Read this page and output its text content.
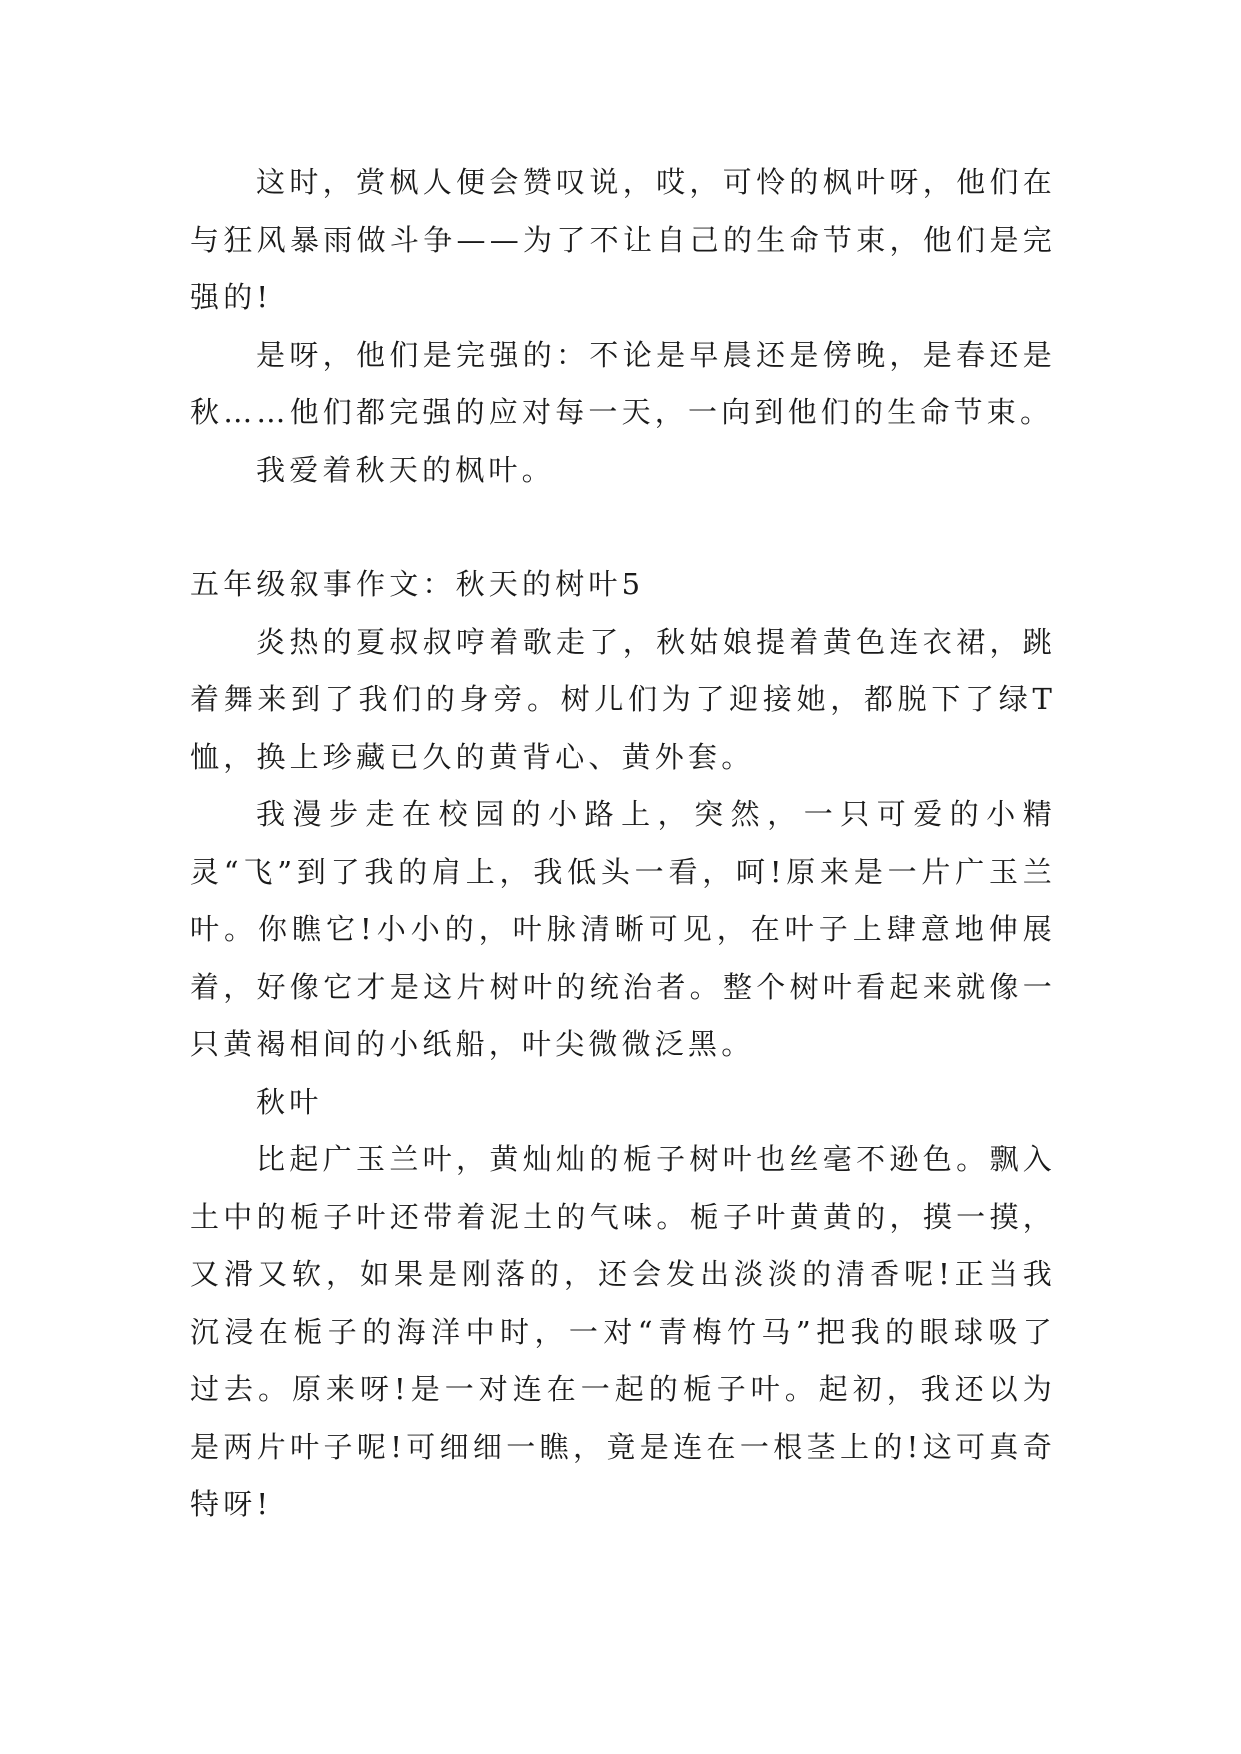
这时，赏枫人便会赞叹说，哎，可怜的枫叶呀，他们在与狂风暴雨做斗争——为了不让自己的生命节束，他们是完强的!

是呀，他们是完强的：不论是早晨还是傍晚，是春还是秋……他们都完强的应对每一天，一向到他们的生命节束。

我爱着秋天的枫叶。

五年级叙事作文：秋天的树叶5

炎热的夏叔叔哼着歌走了，秋姑娘提着黄色连衣裙，跳着舞来到了我们的身旁。树儿们为了迎接她，都脱下了绿T恤，换上珍藏已久的黄背心、黄外套。

我漫步走在校园的小路上，突然，一只可爱的小精灵“飞”到了我的肩上，我低头一看，呵!原来是一片广玉兰叶。你瞧它!小小的，叶脉清晰可见，在叶子上肆意地伸展着，好像它才是这片树叶的统治者。整个树叶看起来就像一只黄褐相间的小纸船，叶尖微微泛黑。

秋叶

比起广玉兰叶，黄灿灿的栀子树叶也丝毫不逊色。飘入土中的栀子叶还带着泥土的气味。栀子叶黄黄的，摸一摸，又滑又软，如果是刚落的，还会发出淡淡的清香呢!正当我沉浸在栀子的海洋中时，一对“青梅竹马”把我的眼球吸了过去。原来呀!是一对连在一起的栀子叶。起初，我还以为是两片叶子呢!可细细一瞧，竟是连在一根茎上的!这可真奇特呀!
